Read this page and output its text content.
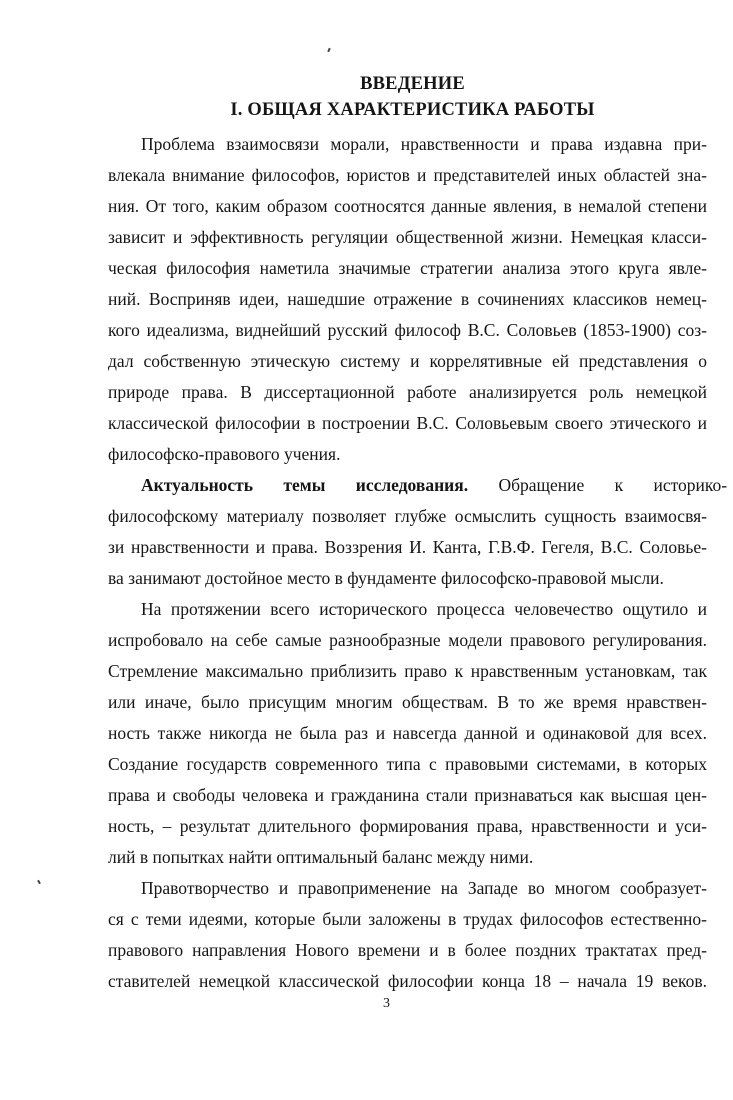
ВВЕДЕНИЕ
I. ОБЩАЯ ХАРАКТЕРИСТИКА РАБОТЫ
Проблема взаимосвязи морали, нравственности и права издавна при-
влекала внимание философов, юристов и представителей иных областей зна-
ния. От того, каким образом соотносятся данные явления, в немалой степени
зависит и эффективность регуляции общественной жизни. Немецкая класси-
ческая философия наметила значимые стратегии анализа этого круга явле-
ний. Восприняв идеи, нашедшие отражение в сочинениях классиков немец-
кого идеализма, виднейший русский философ B.C. Соловьев (1853-1900) соз-
дал собственную этическую систему и коррелятивные ей представления о
природе права. В диссертационной работе анализируется роль немецкой
классической философии в построении B.C. Соловьевым своего этического и
философско-правового учения.
Актуальность темы исследования. Обращение к историко-
философскому материалу позволяет глубже осмыслить сущность взаимосвя-
зи нравственности и права. Воззрения И. Канта, Г.В.Ф. Гегеля, B.C. Соловье-
ва занимают достойное место в фундаменте философско-правовой мысли.
На протяжении всего исторического процесса человечество ощутило и
испробовало на себе самые разнообразные модели правового регулирования.
Стремление максимально приблизить право к нравственным установкам, так
или иначе, было присущим многим обществам. В то же время нравствен-
ность также никогда не была раз и навсегда данной и одинаковой для всех.
Создание государств современного типа с правовыми системами, в которых
права и свободы человека и гражданина стали признаваться как высшая цен-
ность, – результат длительного формирования права, нравственности и уси-
лий в попытках найти оптимальный баланс между ними.
Правотворчество и правоприменение на Западе во многом сообразует-
ся с теми идеями, которые были заложены в трудах философов естественно-
правового направления Нового времени и в более поздних трактатах пред-
ставителей немецкой классической философии конца 18 – начала 19 веков.
3
